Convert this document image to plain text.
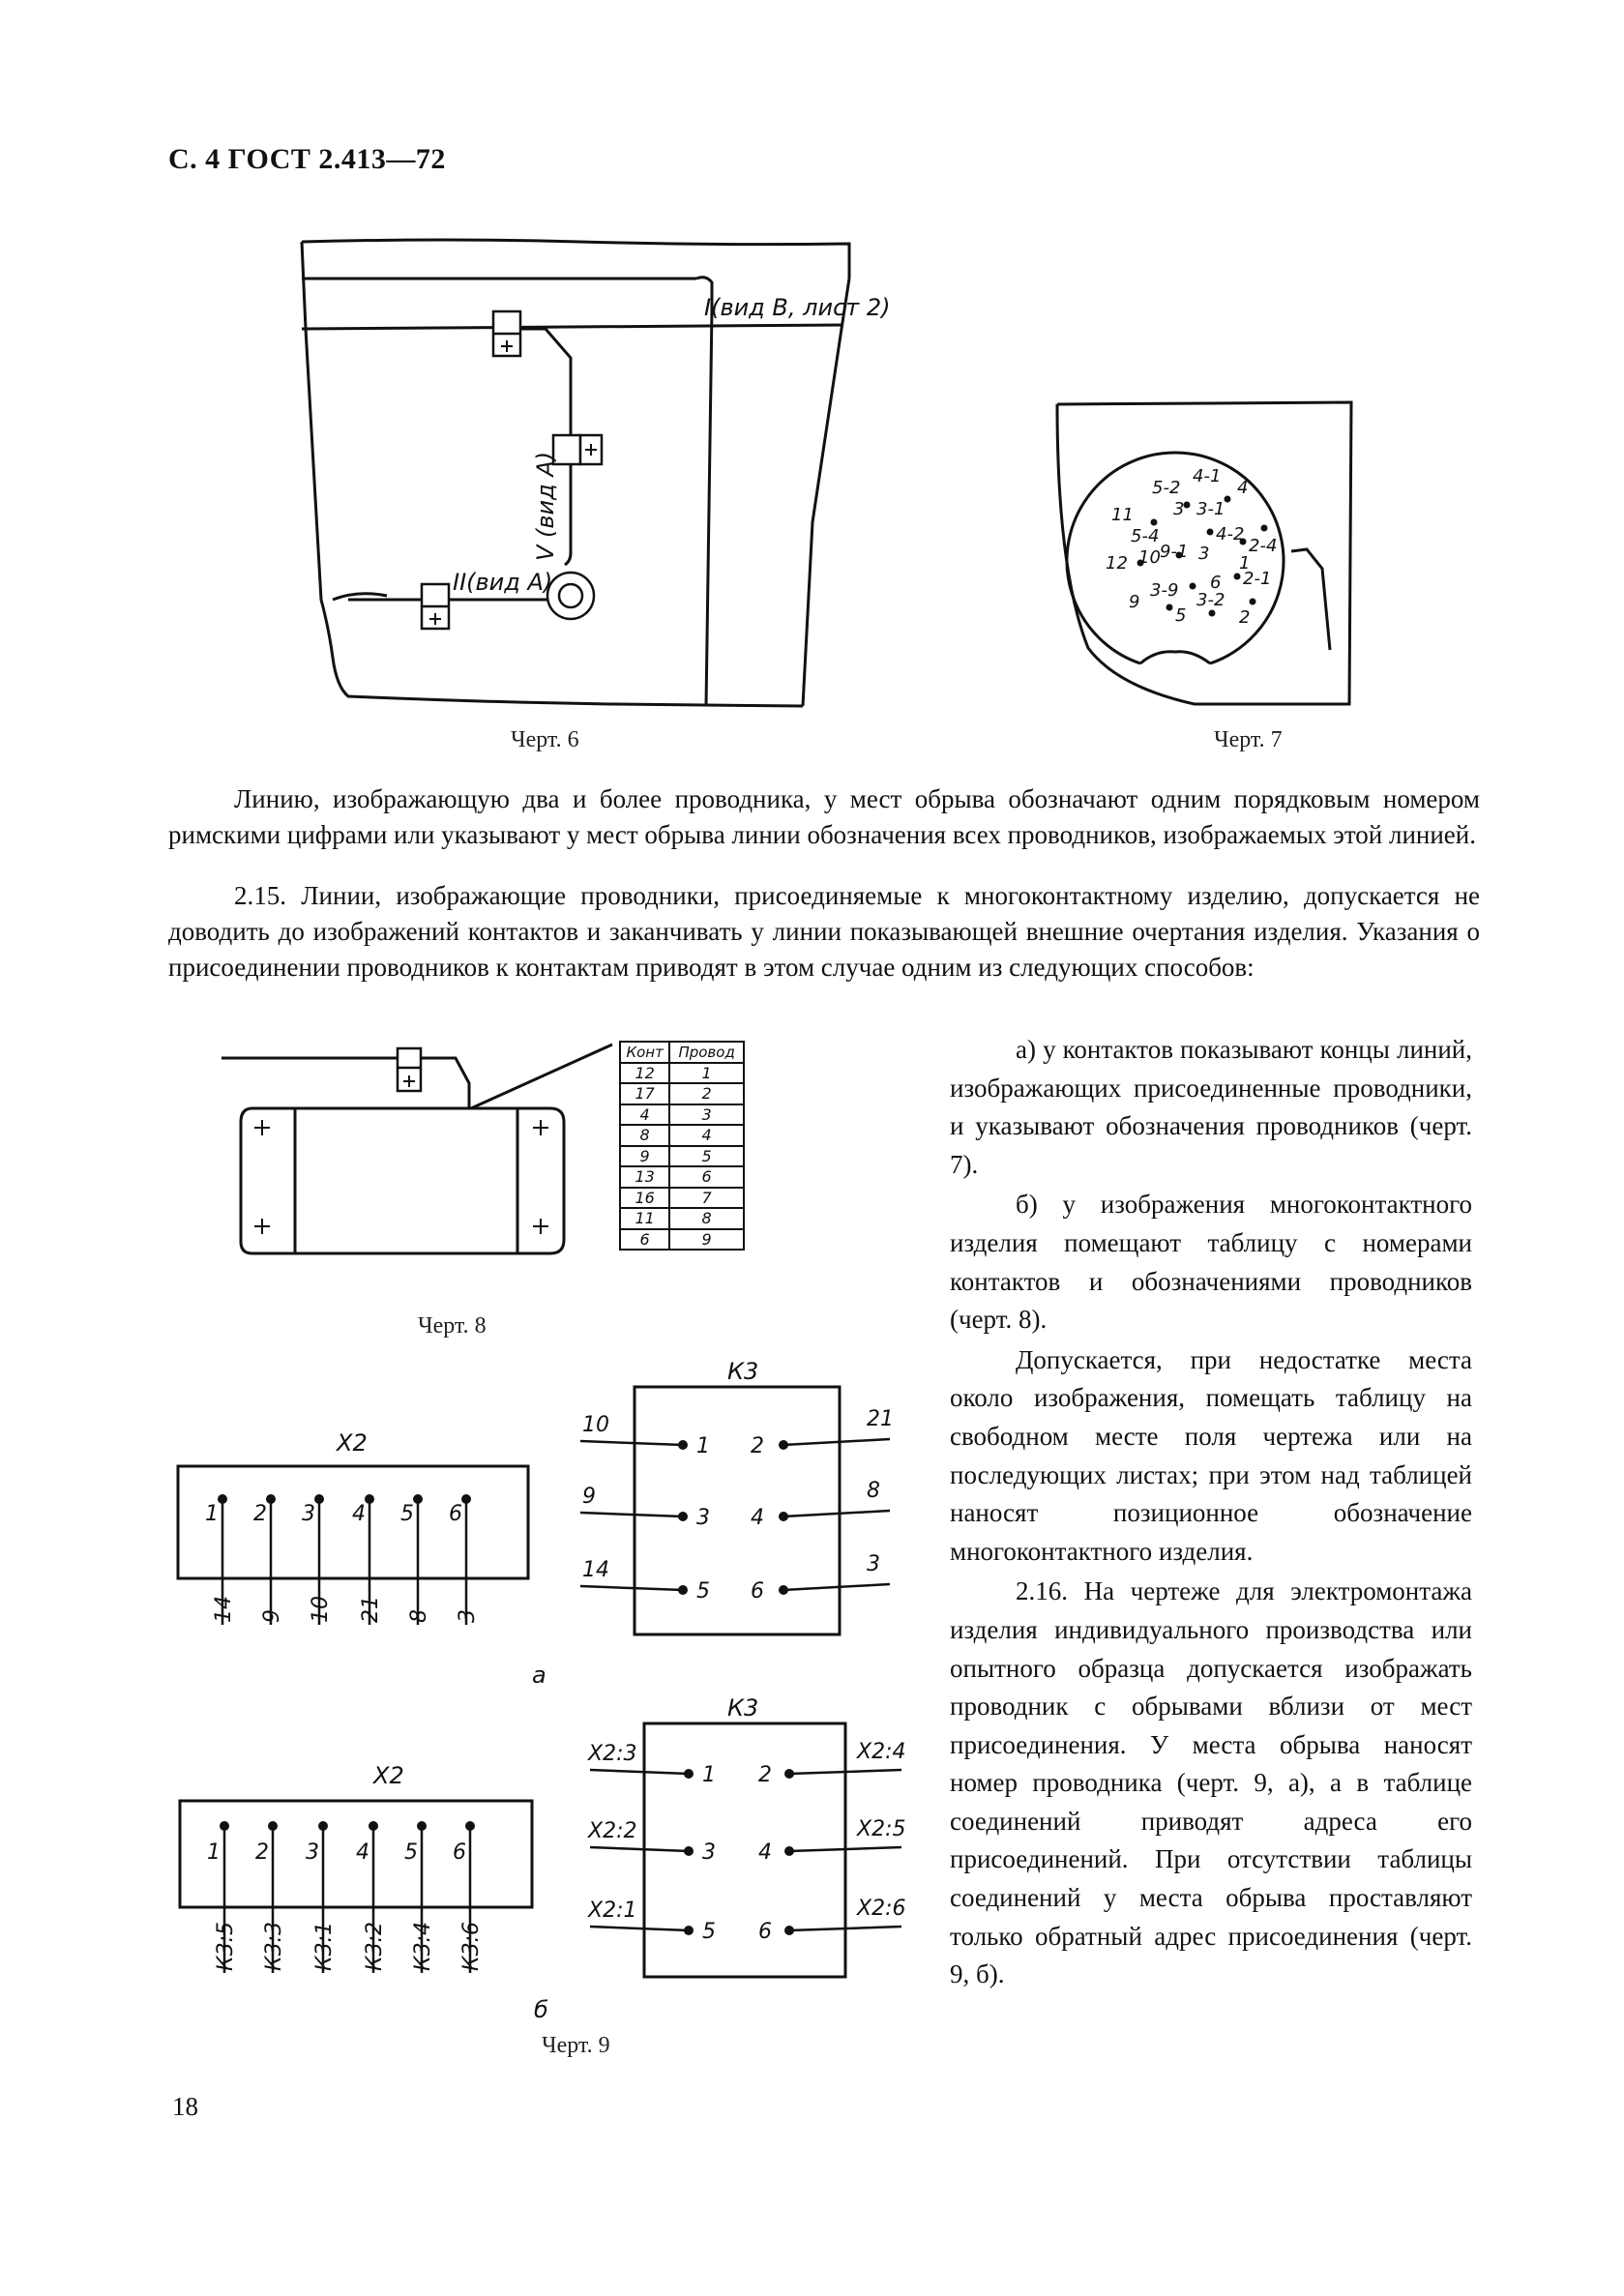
С. 4 ГОСТ 2.413—72
I(вид В, лист 2)
V (вид А)
II(вид А)
Черт. 6
5-2
4-1
4
11 3 3-1
5-4	4-2
12 10 9-1 3 1
2-4
3-9 6
9
5
3-2
2-1
2
Черт. 7
Линию, изображающую два и более проводника, у мест обрыва обозначают одним порядковым номером римскими цифрами или указывают у мест обрыва линии обозначения всех проводников, изображаемых этой линией.
2.15. Линии, изображающие проводники, присоединяемые к многоконтактному изделию, допускается не доводить до изображений контактов и заканчивать у линии показывающей внешние очертания изделия. Указания о присоединении проводников к контактам приводят в этом случае одним из следующих способов:
Конт	Провод
12	1
17	2
4	3
8	4
9	5
13	6
16	7
11	8
6	9
Черт. 8
1
14
2
9
3
10
4
21
5
8
6
3
1
10
3
9
5
14
2
21
4
8
6
3
1
К3:5
2
К3:3
3
К3:1
4
К3:2
5
К3:4
6
К3:6
1
X2:3
3
X2:2
5
X2:1
2
X2:4
4
X2:5
6
X2:6
X2
К3
X2
К3
а
б
Черт. 9

а) у контактов показывают концы линий, изображающих присоединенные проводники, и указывают обозначения проводников (черт. 7).

б) у изображения многоконтактного изделия помещают таблицу с номерами контактов и обозначениями проводников (черт. 8).

Допускается, при недостатке места около изображения, помещать таблицу на свободном месте поля чертежа или на последующих листах; при этом над таблицей наносят позиционное обозначение многоконтактного изделия.

2.16. На чертеже для электромонтажа изделия индивидуального производства или опытного образца допускается изображать проводник с обрывами вблизи от мест присоединения. У места обрыва наносят номер проводника (черт. 9, а), а в таблице соединений приводят адреса его присоединений. При отсутствии таблицы соединений у места обрыва проставляют только обратный адрес присоединения (черт. 9, б).

18
